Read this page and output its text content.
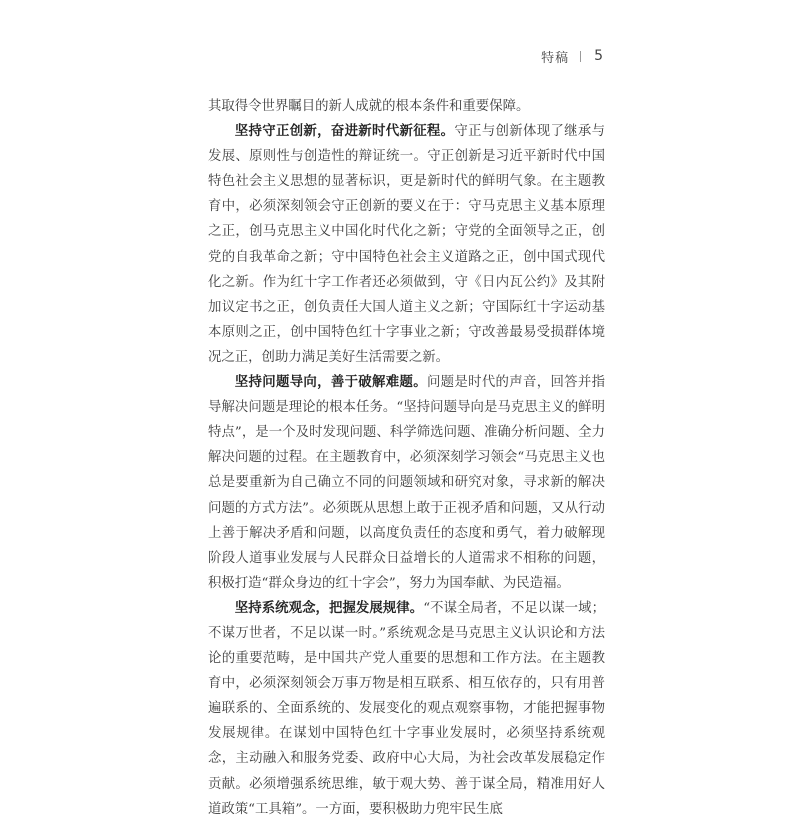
特稿 5

其取得令世界瞩目的新人成就的根本条件和重要保障。

坚持守正创新，奋进新时代新征程。守正与创新体现了继承与发展、原则性与创造性的辩证统一。守正创新是习近平新时代中国特色社会主义思想的显著标识，更是新时代的鲜明气象。在主题教育中，必须深刻领会守正创新的要义在于：守马克思主义基本原理之正，创马克思主义中国化时代化之新；守党的全面领导之正，创党的自我革命之新；守中国特色社会主义道路之正，创中国式现代化之新。作为红十字工作者还必须做到，守《日内瓦公约》及其附加议定书之正，创负责任大国人道主义之新；守国际红十字运动基本原则之正，创中国特色红十字事业之新；守改善最易受损群体境况之正，创助力满足美好生活需要之新。

坚持问题导向，善于破解难题。问题是时代的声音，回答并指导解决问题是理论的根本任务。“坚持问题导向是马克思主义的鲜明特点”，是一个及时发现问题、科学筛选问题、准确分析问题、全力解决问题的过程。在主题教育中，必须深刻学习领会“马克思主义也总是要重新为自己确立不同的问题领域和研究对象，寻求新的解决问题的方式方法”。必须既从思想上敢于正视矛盾和问题，又从行动上善于解决矛盾和问题，以高度负责任的态度和勇气，着力破解现阶段人道事业发展与人民群众日益增长的人道需求不相称的问题，积极打造“群众身边的红十字会”，努力为国奉献、为民造福。

坚持系统观念，把握发展规律。“不谋全局者，不足以谋一域；不谋万世者，不足以谋一时。”系统观念是马克思主义认识论和方法论的重要范畴，是中国共产党人重要的思想和工作方法。在主题教育中，必须深刻领会万事万物是相互联系、相互依存的，只有用普遍联系的、全面系统的、发展变化的观点观察事物，才能把握事物发展规律。在谋划中国特色红十字事业发展时，必须坚持系统观念，主动融入和服务党委、政府中心大局，为社会改革发展稳定作贡献。必须增强系统思维，敏于观大势、善于谋全局，精准用好人道政策“工具箱”。一方面，要积极助力兜牢民生底
